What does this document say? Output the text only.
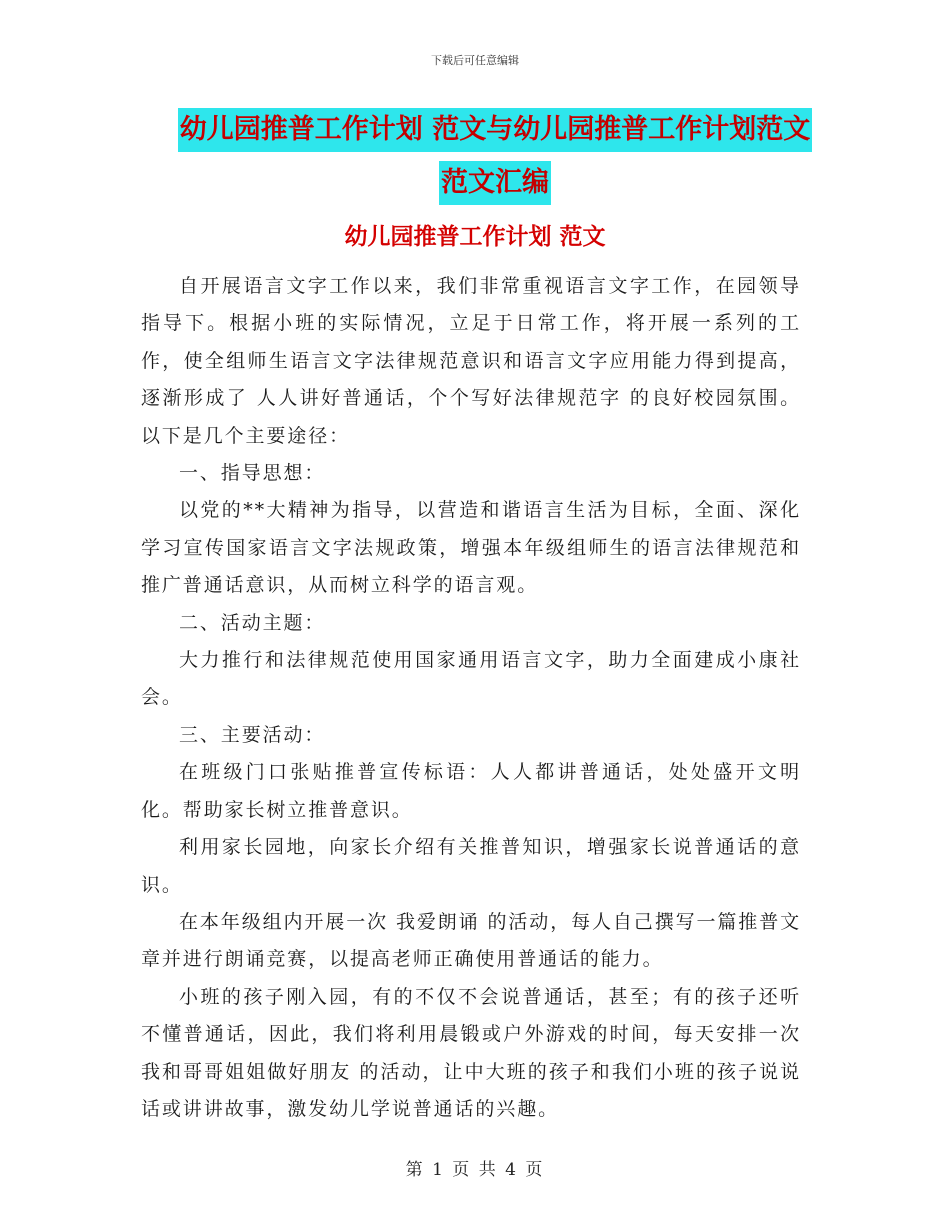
下载后可任意编辑
幼儿园推普工作计划 范文与幼儿园推普工作计划范文
范文汇编
幼儿园推普工作计划 范文

自开展语言文字工作以来，我们非常重视语言文字工作，在园领导指导下。根据小班的实际情况，立足于日常工作，将开展一系列的工作，使全组师生语言文字法律规范意识和语言文字应用能力得到提高，逐渐形成了 人人讲好普通话，个个写好法律规范字 的良好校园氛围。以下是几个主要途径：

一、指导思想：

以党的**大精神为指导，以营造和谐语言生活为目标，全面、深化学习宣传国家语言文字法规政策，增强本年级组师生的语言法律规范和推广普通话意识，从而树立科学的语言观。

二、活动主题：

大力推行和法律规范使用国家通用语言文字，助力全面建成小康社会。

三、主要活动：

在班级门口张贴推普宣传标语：人人都讲普通话，处处盛开文明化。帮助家长树立推普意识。

利用家长园地，向家长介绍有关推普知识，增强家长说普通话的意识。

在本年级组内开展一次 我爱朗诵 的活动，每人自己撰写一篇推普文章并进行朗诵竞赛，以提高老师正确使用普通话的能力。

小班的孩子刚入园，有的不仅不会说普通话，甚至；有的孩子还听不懂普通话，因此，我们将利用晨锻或户外游戏的时间，每天安排一次 我和哥哥姐姐做好朋友 的活动，让中大班的孩子和我们小班的孩子说说话或讲讲故事，激发幼儿学说普通话的兴趣。

第 1 页 共 4 页
